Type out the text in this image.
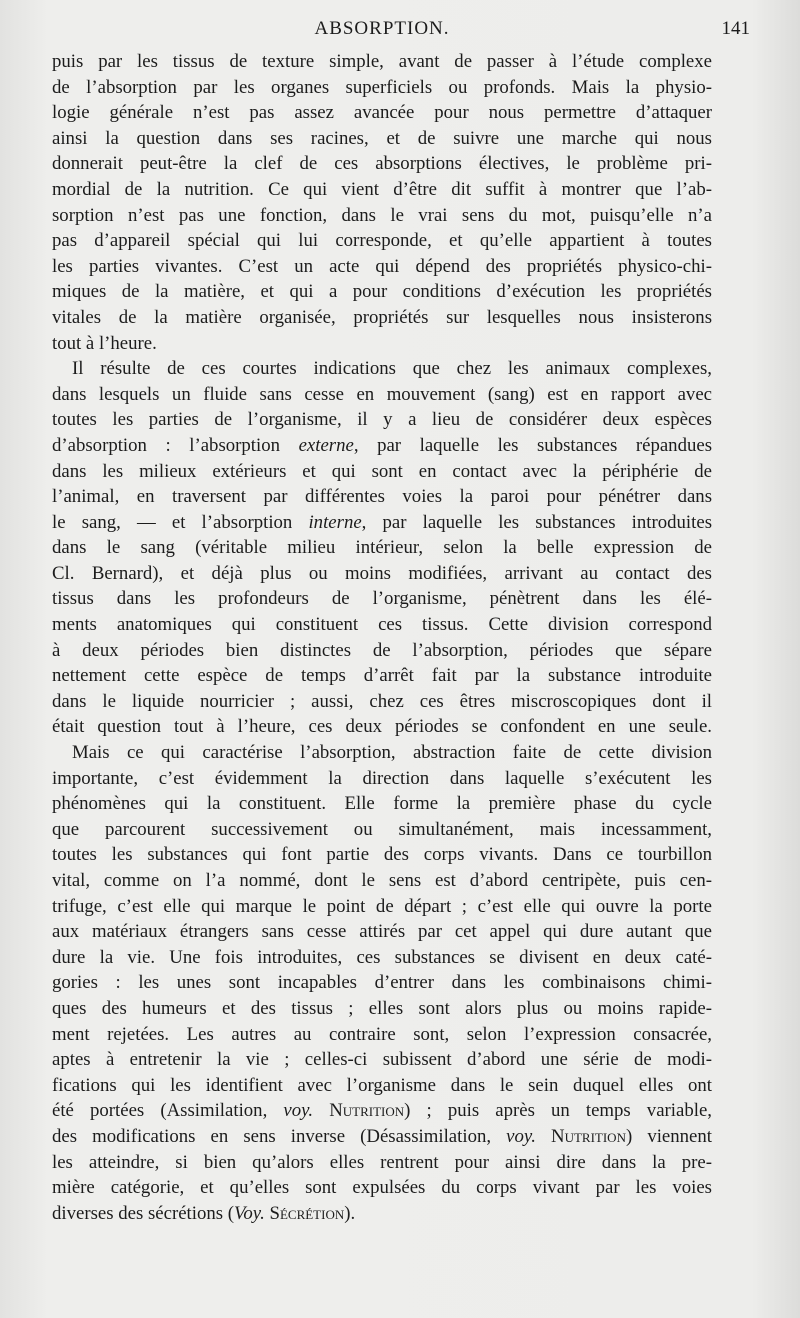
ABSORPTION.	141
puis par les tissus de texture simple, avant de passer à l’étude complexe
de l’absorption par les organes superficiels ou profonds. Mais la physio-
logie générale n’est pas assez avancée pour nous permettre d’attaquer
ainsi la question dans ses racines, et de suivre une marche qui nous
donnerait peut-être la clef de ces absorptions électives, le problème pri-
mordial de la nutrition. Ce qui vient d’être dit suffit à montrer que l’ab-
sorption n’est pas une fonction, dans le vrai sens du mot, puisqu’elle n’a
pas d’appareil spécial qui lui corresponde, et qu’elle appartient à toutes
les parties vivantes. C’est un acte qui dépend des propriétés physico-chi-
miques de la matière, et qui a pour conditions d’exécution les propriétés
vitales de la matière organisée, propriétés sur lesquelles nous insisterons
tout à l’heure.
Il résulte de ces courtes indications que chez les animaux complexes,
dans lesquels un fluide sans cesse en mouvement (sang) est en rapport avec
toutes les parties de l’organisme, il y a lieu de considérer deux espèces
d’absorption : l’absorption externe, par laquelle les substances répandues
dans les milieux extérieurs et qui sont en contact avec la périphérie de
l’animal, en traversent par différentes voies la paroi pour pénétrer dans
le sang, — et l’absorption interne, par laquelle les substances introduites
dans le sang (véritable milieu intérieur, selon la belle expression de
Cl. Bernard), et déjà plus ou moins modifiées, arrivant au contact des
tissus dans les profondeurs de l’organisme, pénètrent dans les élé-
ments anatomiques qui constituent ces tissus. Cette division correspond
à deux périodes bien distinctes de l’absorption, périodes que sépare
nettement cette espèce de temps d’arrêt fait par la substance introduite
dans le liquide nourricier ; aussi, chez ces êtres miscroscopiques dont il
était question tout à l’heure, ces deux périodes se confondent en une seule.
Mais ce qui caractérise l’absorption, abstraction faite de cette division
importante, c’est évidemment la direction dans laquelle s’exécutent les
phénomènes qui la constituent. Elle forme la première phase du cycle
que parcourent successivement ou simultanément, mais incessamment,
toutes les substances qui font partie des corps vivants. Dans ce tourbillon
vital, comme on l’a nommé, dont le sens est d’abord centripète, puis cen-
trifuge, c’est elle qui marque le point de départ ; c’est elle qui ouvre la porte
aux matériaux étrangers sans cesse attirés par cet appel qui dure autant que
dure la vie. Une fois introduites, ces substances se divisent en deux caté-
gories : les unes sont incapables d’entrer dans les combinaisons chimi-
ques des humeurs et des tissus ; elles sont alors plus ou moins rapide-
ment rejetées. Les autres au contraire sont, selon l’expression consacrée,
aptes à entretenir la vie ; celles-ci subissent d’abord une série de modi-
fications qui les identifient avec l’organisme dans le sein duquel elles ont
été portées (Assimilation, voy. Nutrition) ; puis après un temps variable,
des modifications en sens inverse (Désassimilation, voy. Nutrition) viennent
les atteindre, si bien qu’alors elles rentrent pour ainsi dire dans la pre-
mière catégorie, et qu’elles sont expulsées du corps vivant par les voies
diverses des sécrétions (Voy. Sécrétion).
